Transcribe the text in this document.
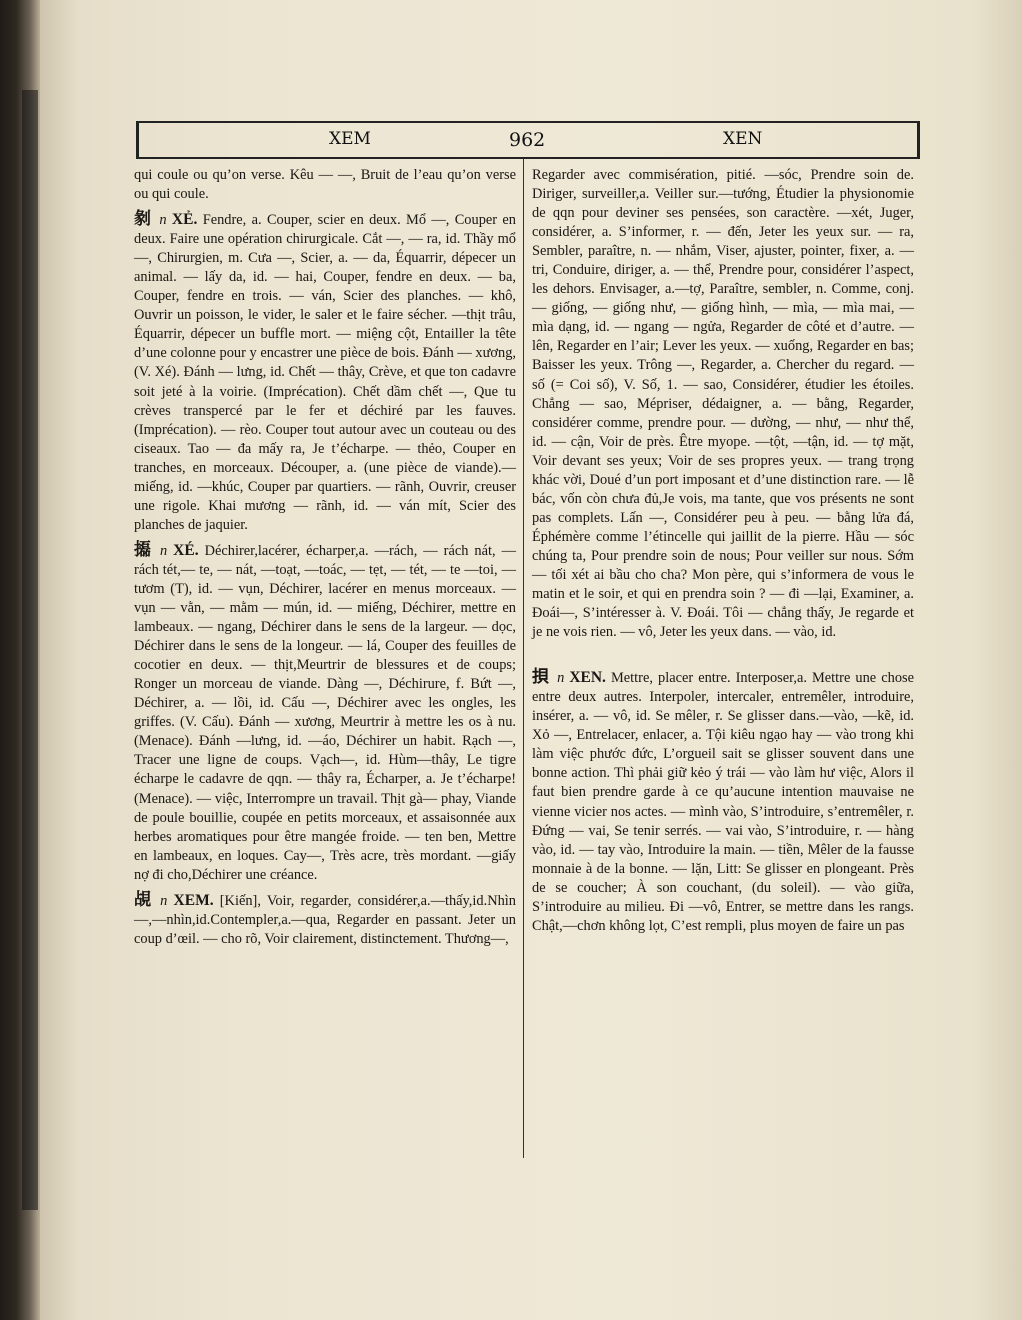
XEM	962	XEN

qui coule ou qu’on verse. Kêu — —, Bruit de l’eau qu’on verse ou qui coule.

剶 n XẺ. Fendre, a. Couper, scier en deux. Mổ —, Couper en deux. Faire une opération chirurgicale. Cắt —, — ra, id. Thầy mổ —, Chirurgien, m. Cưa —, Scier, a. — da, Équarrir, dépecer un animal. — lấy da, id. — hai, Couper, fendre en deux. — ba, Couper, fendre en trois. — ván, Scier des planches. — khô, Ouvrir un poisson, le vider, le saler et le faire sécher. —thịt trâu, Équarrir, dépecer un buffle mort. — miệng cột, Entailler la tête d’une colonne pour y encastrer une pièce de bois. Đánh — xương, (V. Xé). Đánh — lưng, id. Chết — thây, Crève, et que ton cadavre soit jeté à la voirie. (Imprécation). Chết dầm chết —, Que tu crèves transpercé par le fer et déchiré par les fauves. (Imprécation). — rèo. Couper tout autour avec un couteau ou des ciseaux. Tao — đa mấy ra, Je t’écharpe. — thẻo, Couper en tranches, en morceaux. Découper, a. (une pièce de viande).—miếng, id. —khúc, Couper par quartiers. — rãnh, Ouvrir, creuser une rigole. Khai mương — rãnh, id. — ván mít, Scier des planches de jaquier.

㩡 n XÉ. Déchirer,lacérer, écharper,a. —rách, — rách nát, —rách tét,— te, — nát, —toạt, —toác, — tẹt, — tét, — te —toi, — tươm (T), id. — vụn, Déchirer, lacérer en menus morceaux. — vụn — vằn, — mằm — mún, id. — miếng, Déchirer, mettre en lambeaux. — ngang, Déchirer dans le sens de la largeur. — dọc, Déchirer dans le sens de la longeur. — lá, Couper des feuilles de cocotier en deux. — thịt,Meurtrir de blessures et de coups; Ronger un morceau de viande. Dàng —, Déchirure, f. Bứt —, Déchirer, a. — lồi, id. Cấu —, Déchirer avec les ongles, les griffes. (V. Cấu). Đánh — xương, Meurtrir à mettre les os à nu. (Menace). Đánh —lưng, id. —áo, Déchirer un habit. Rạch —, Tracer une ligne de coups. Vạch—, id. Hùm—thây, Le tigre écharpe le cadavre de qqn. — thây ra, Écharper, a. Je t’écharpe! (Menace). — việc, Interrompre un travail. Thịt gà— phay, Viande de poule bouillie, coupée en petits morceaux, et assaisonnée aux herbes aromatiques pour être mangée froide. — ten ben, Mettre en lambeaux, en loques. Cay—, Très acre, très mordant. —giấy nợ đi cho,Déchirer une créance.

覘 n XEM. [Kiến], Voir, regarder, considérer,a.—thấy,id.Nhìn—,—nhìn,id.Contempler,a.—qua, Regarder en passant. Jeter un coup d’œil. — cho rõ, Voir clairement, distinctement. Thương—,

Regarder avec commisération, pitié. —sóc, Prendre soin de. Diriger, surveiller,a. Veiller sur.—tướng, Étudier la physionomie de qqn pour deviner ses pensées, son caractère. —xét, Juger, considérer, a. S’informer, r. — đến, Jeter les yeux sur. — ra, Sembler, paraître, n. — nhắm, Viser, ajuster, pointer, fixer, a. — tri, Conduire, diriger, a. — thể, Prendre pour, considérer l’aspect, les dehors. Envisager, a.—tợ, Paraître, sembler, n. Comme, conj. — giống, — giống như, — giống hình, — mìa, — mìa mai, — mìa dạng, id. — ngang — ngửa, Regarder de côté et d’autre. — lên, Regarder en l’air; Lever les yeux. — xuống, Regarder en bas; Baisser les yeux. Trông —, Regarder, a. Chercher du regard. — số (= Coi số), V. Số, 1. — sao, Considérer, étudier les étoiles. Chẳng — sao, Mépriser, dédaigner, a. — bằng, Regarder, considérer comme, prendre pour. — dường, — như, — như thể, id. — cận, Voir de près. Être myope. —tột, —tận, id. — tợ mặt, Voir devant ses yeux; Voir de ses propres yeux. — trang trọng khác vời, Doué d’un port imposant et d’une distinction rare. — lễ bác, vốn còn chưa đủ,Je vois, ma tante, que vos présents ne sont pas complets. Lấn —, Considérer peu à peu. — bằng lửa đá, Éphémère comme l’étincelle qui jaillit de la pierre. Hầu — sóc chúng ta, Pour prendre soin de nous; Pour veiller sur nous. Sớm — tối xét ai bầu cho cha? Mon père, qui s’informera de vous le matin et le soir, et qui en prendra soin ? — đi —lại, Examiner, a. Đoái—, S’intéresser à. V. Đoái. Tôi — chẳng thấy, Je regarde et je ne vois rien. — vô, Jeter les yeux dans. — vào, id.

𢭲 n XEN. Mettre, placer entre. Interposer,a. Mettre une chose entre deux autres. Interpoler, intercaler, entremêler, introduire, insérer, a. — vô, id. Se mêler, r. Se glisser dans.—vào, —kẽ, id. Xỏ —, Entrelacer, enlacer, a. Tội kiêu ngạo hay — vào trong khi làm việc phước đức, L’orgueil sait se glisser souvent dans une bonne action. Thì phải giữ kẻo ý trái — vào làm hư việc, Alors il faut bien prendre garde à ce qu’aucune intention mauvaise ne vienne vicier nos actes. — mình vào, S’introduire, s’entremêler, r. Đứng — vai, Se tenir serrés. — vai vào, S’introduire, r. — hàng vào, id. — tay vào, Introduire la main. — tiền, Mêler de la fausse monnaie à de la bonne. — lặn, Litt: Se glisser en plongeant. Près de se coucher; À son couchant, (du soleil). — vào giữa, S’introduire au milieu. Đi —vô, Entrer, se mettre dans les rangs. Chật,—chơn không lọt, C’est rempli, plus moyen de faire un pas
